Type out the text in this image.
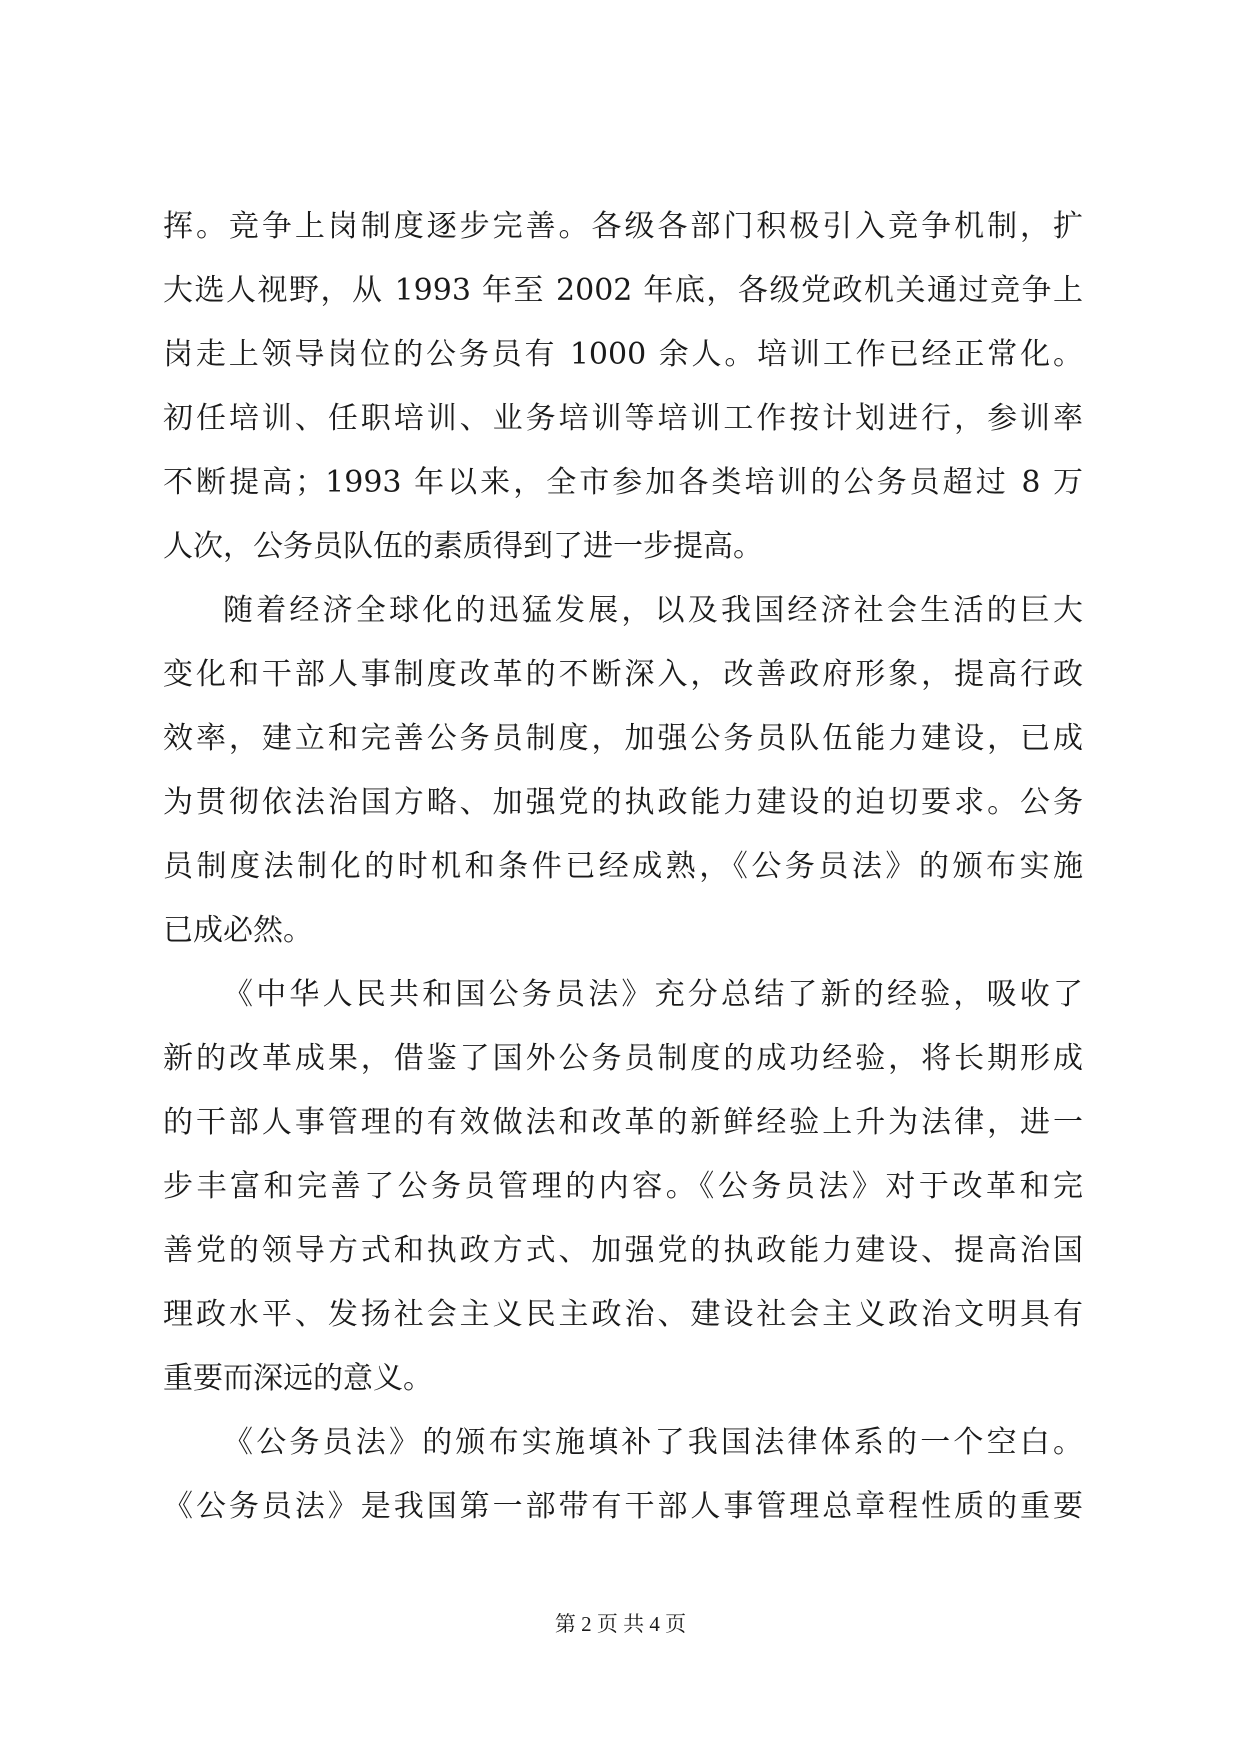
挥。竞争上岗制度逐步完善。各级各部门积极引入竞争机制，扩
大选人视野，从 1993 年至 2002 年底，各级党政机关通过竞争上
岗走上领导岗位的公务员有 1000 余人。培训工作已经正常化。
初任培训、任职培训、业务培训等培训工作按计划进行，参训率
不断提高；1993 年以来，全市参加各类培训的公务员超过 8 万
人次，公务员队伍的素质得到了进一步提高。
随着经济全球化的迅猛发展，以及我国经济社会生活的巨大
变化和干部人事制度改革的不断深入，改善政府形象，提高行政
效率，建立和完善公务员制度，加强公务员队伍能力建设，已成
为贯彻依法治国方略、加强党的执政能力建设的迫切要求。公务
员制度法制化的时机和条件已经成熟，《公务员法》的颁布实施
已成必然。
《中华人民共和国公务员法》充分总结了新的经验，吸收了
新的改革成果，借鉴了国外公务员制度的成功经验，将长期形成
的干部人事管理的有效做法和改革的新鲜经验上升为法律，进一
步丰富和完善了公务员管理的内容。《公务员法》对于改革和完
善党的领导方式和执政方式、加强党的执政能力建设、提高治国
理政水平、发扬社会主义民主政治、建设社会主义政治文明具有
重要而深远的意义。
《公务员法》的颁布实施填补了我国法律体系的一个空白。
《公务员法》是我国第一部带有干部人事管理总章程性质的重要
第 2 页 共 4 页
